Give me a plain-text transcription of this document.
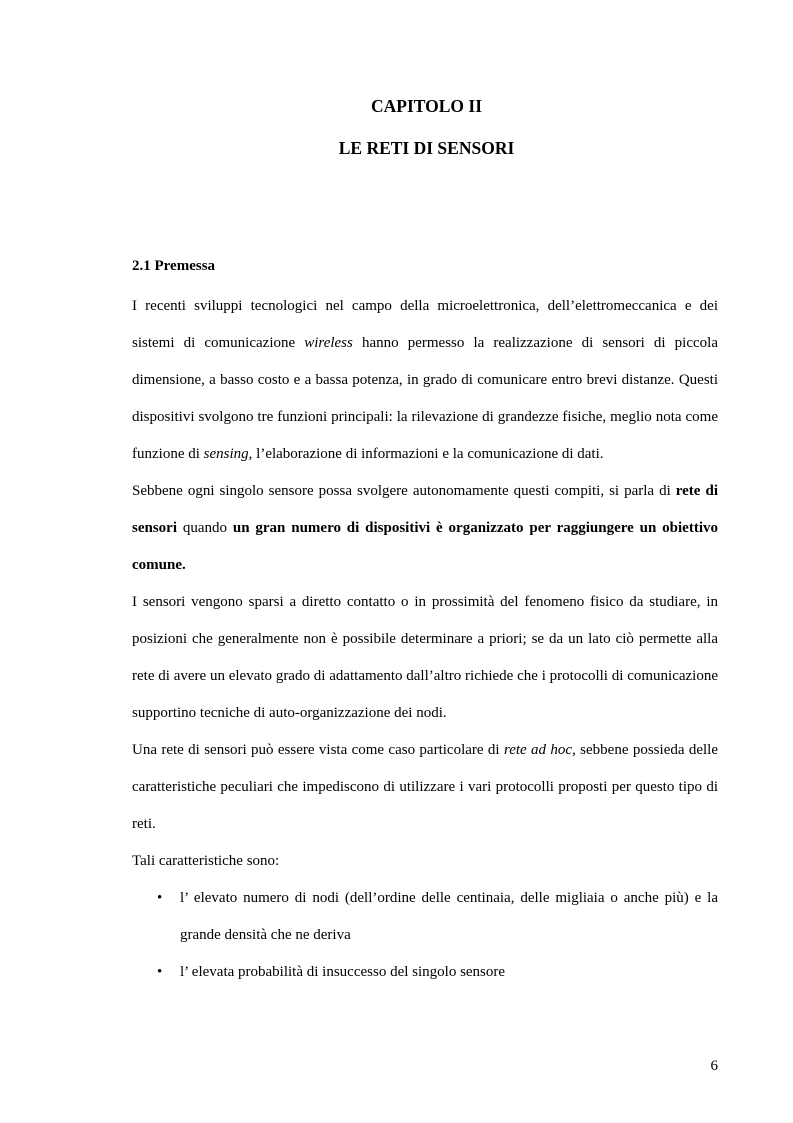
CAPITOLO II
LE RETI DI SENSORI
2.1 Premessa

I recenti sviluppi tecnologici nel campo della microelettronica, dell’elettromeccanica e dei sistemi di comunicazione wireless hanno permesso la realizzazione di sensori di piccola dimensione, a basso costo e a bassa potenza, in grado di comunicare entro brevi distanze. Questi dispositivi svolgono tre funzioni principali: la rilevazione di grandezze fisiche, meglio nota come funzione di sensing, l’elaborazione di informazioni e la comunicazione di dati.

Sebbene ogni singolo sensore possa svolgere autonomamente questi compiti, si parla di rete di sensori quando un gran numero di dispositivi è organizzato per raggiungere un obiettivo comune.

I sensori vengono sparsi a diretto contatto o in prossimità del fenomeno fisico da studiare, in posizioni che generalmente non è possibile determinare a priori; se da un lato ciò permette alla rete di avere un elevato grado di adattamento dall’altro richiede che i protocolli di comunicazione supportino tecniche di auto-organizzazione dei nodi.

Una rete di sensori può essere vista come caso particolare di rete ad hoc, sebbene possieda delle caratteristiche peculiari che impediscono di utilizzare i vari protocolli proposti per questo tipo di reti.

Tali caratteristiche sono:

• l’ elevato numero di nodi (dell’ordine delle centinaia, delle migliaia o anche più) e la grande densità che ne deriva
• l’ elevata probabilità di insuccesso del singolo sensore
6
